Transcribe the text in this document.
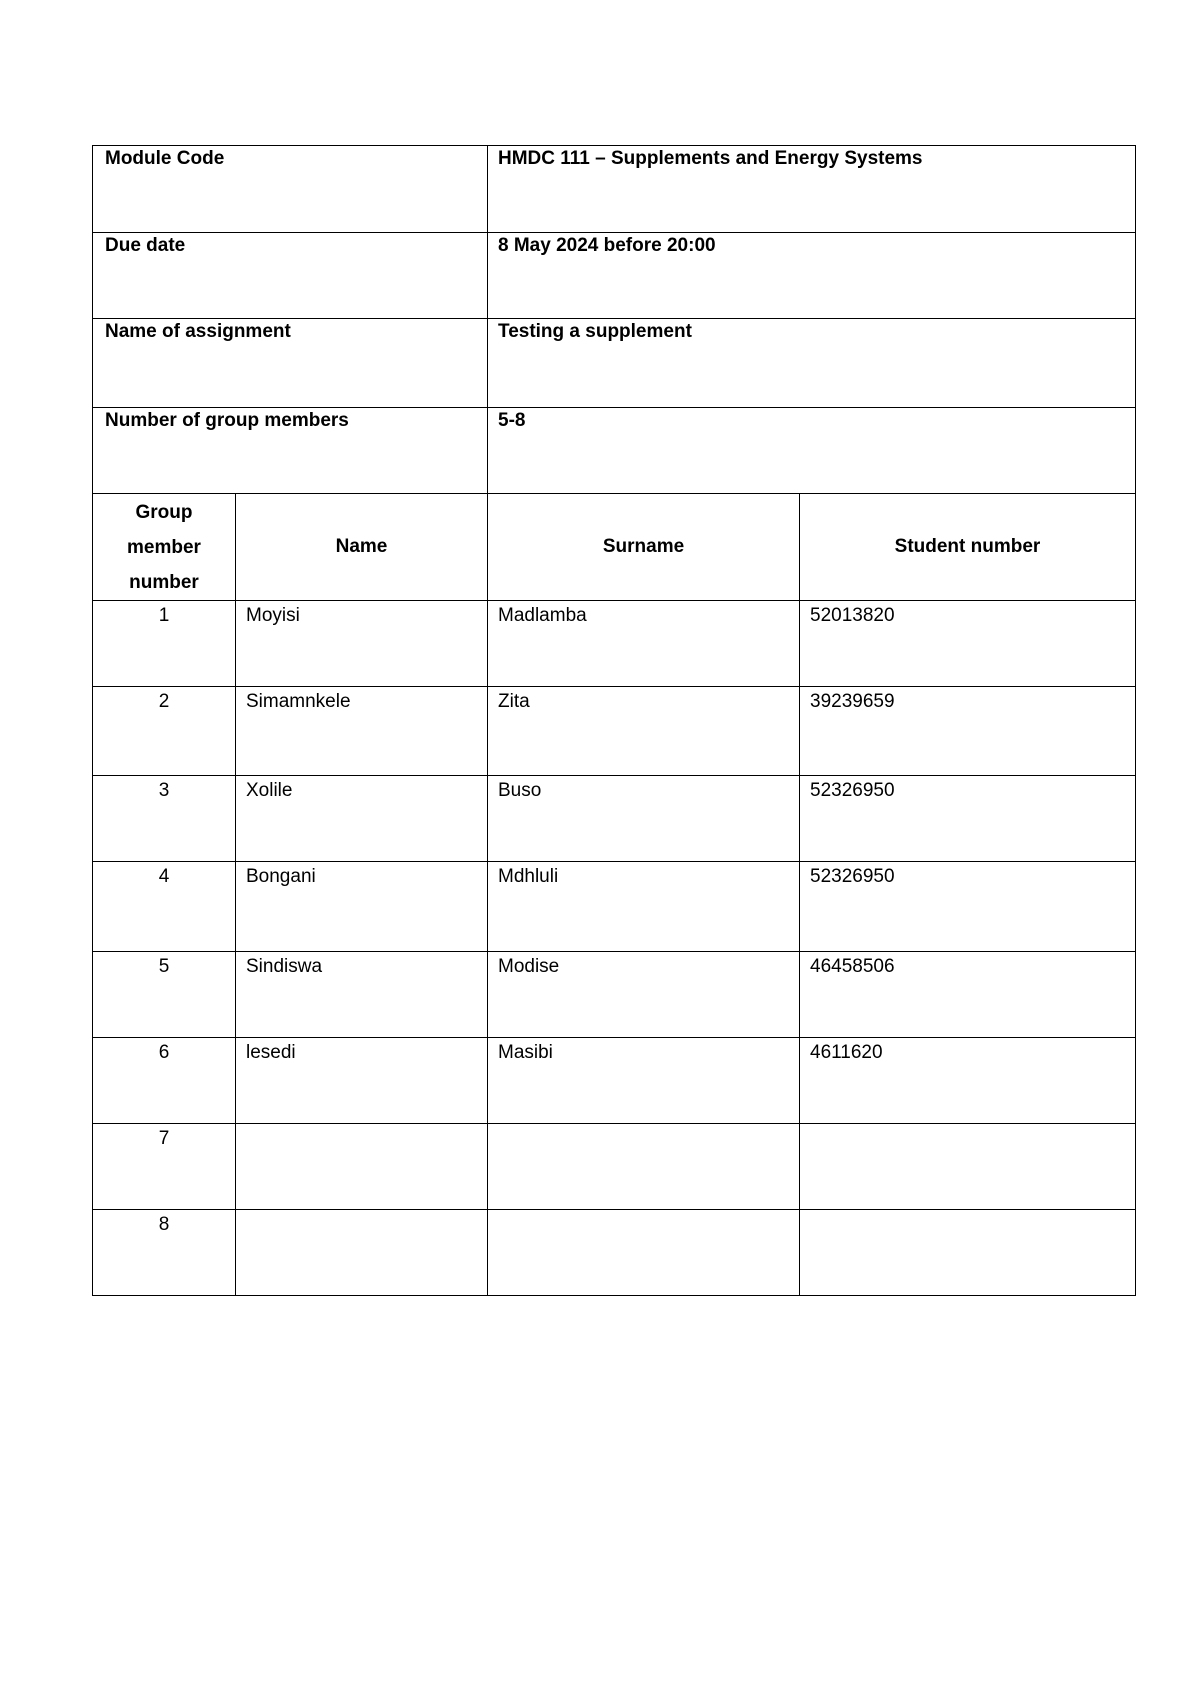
Module Code		HMDC 111 – Supplements and Energy Systems	

Due date		8 May 2024 before 20:00	

Name of assignment		Testing a supplement	

Number of group members		5-8	

Group
member
number	Name	Surname	Student number

1	Moyisi	Madlamba	52013820

2	Simamnkele	Zita	39239659

3	Xolile	Buso	52326950

4	Bongani	Mdhluli	52326950

5	Sindiswa	Modise	46458506

6	lesedi	Masibi	4611620

7			

8			
